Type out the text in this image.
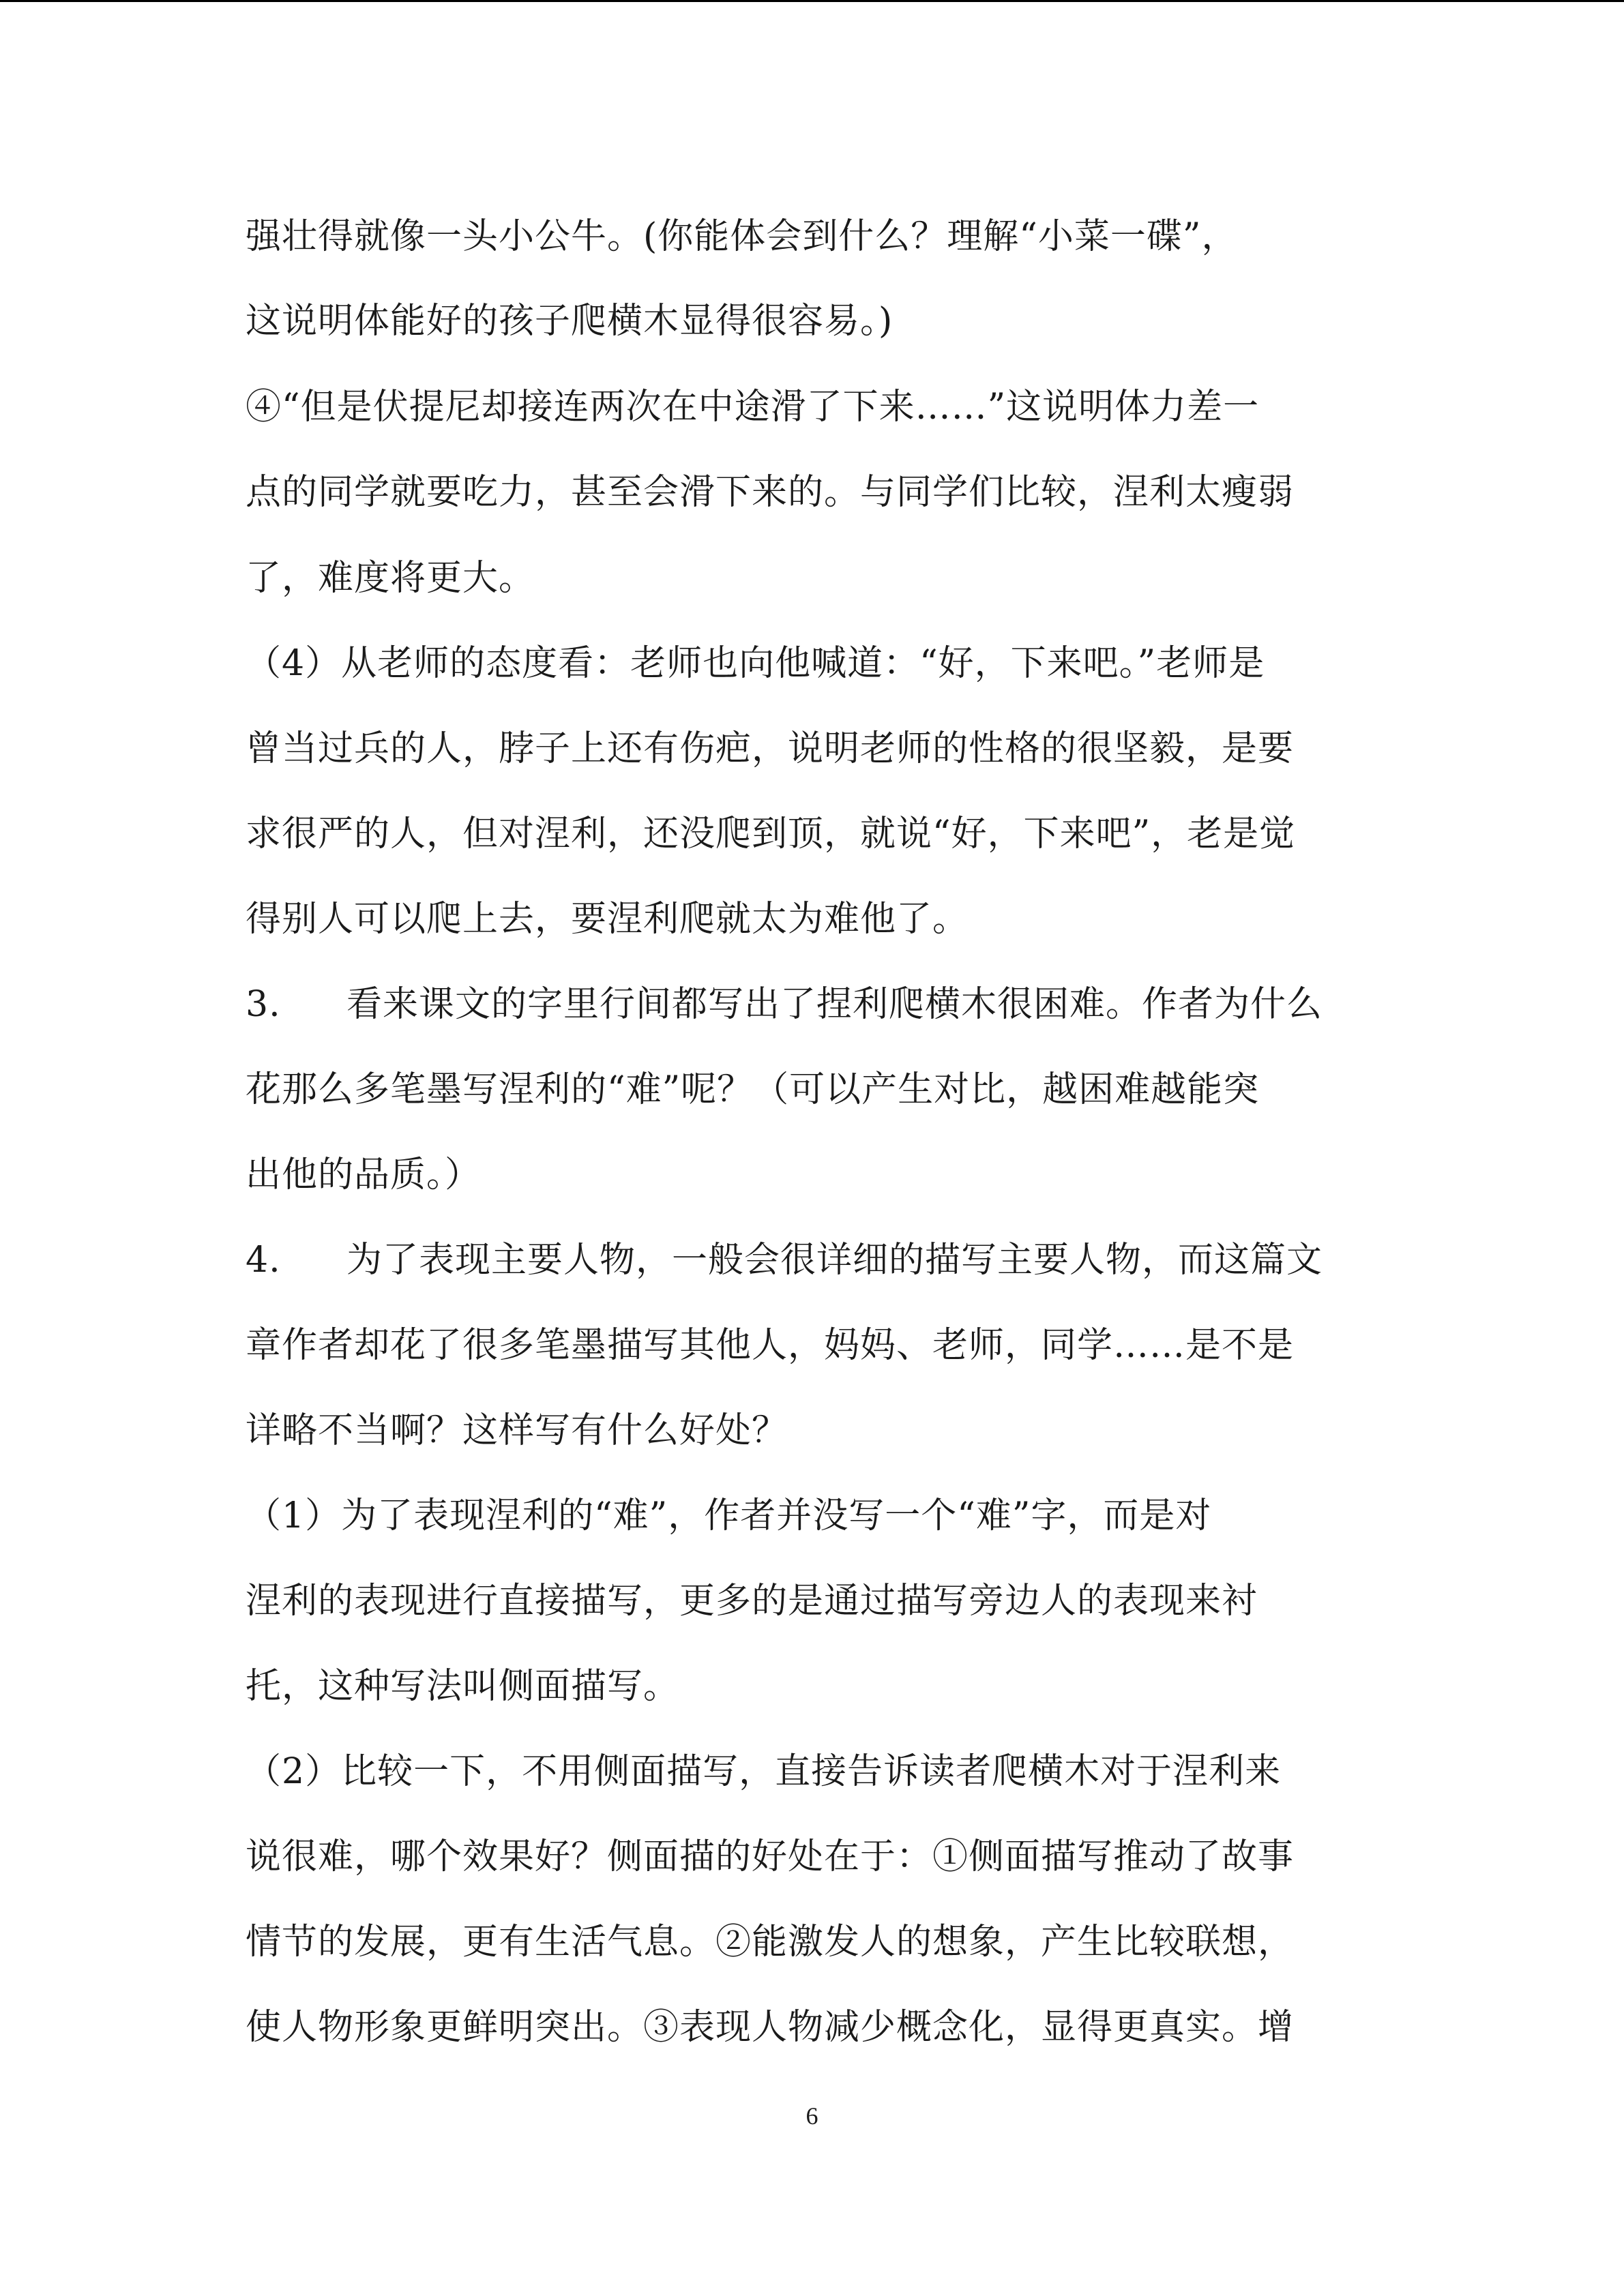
强壮得就像一头小公牛。(你能体会到什么？理解“小菜一碟”，
这说明体能好的孩子爬横木显得很容易。)
④“但是伏提尼却接连两次在中途滑了下来……”这说明体力差一
点的同学就要吃力，甚至会滑下来的。与同学们比较，涅利太瘦弱
了，难度将更大。
（4）从老师的态度看：老师也向他喊道：“好，下来吧。”老师是
曾当过兵的人，脖子上还有伤疤，说明老师的性格的很坚毅，是要
求很严的人，但对涅利，还没爬到顶，就说“好，下来吧”，老是觉
得别人可以爬上去，要涅利爬就太为难他了。
3. 看来课文的字里行间都写出了捏利爬横木很困难。作者为什么
花那么多笔墨写涅利的“难”呢？（可以产生对比，越困难越能突
出他的品质。）
4. 为了表现主要人物，一般会很详细的描写主要人物，而这篇文
章作者却花了很多笔墨描写其他人，妈妈、老师，同学……是不是
详略不当啊？这样写有什么好处？
（1）为了表现涅利的“难”，作者并没写一个“难”字，而是对
涅利的表现进行直接描写，更多的是通过描写旁边人的表现来衬
托，这种写法叫侧面描写。
（2）比较一下，不用侧面描写，直接告诉读者爬横木对于涅利来
说很难，哪个效果好？侧面描的好处在于：①侧面描写推动了故事
情节的发展，更有生活气息。②能激发人的想象，产生比较联想，
使人物形象更鲜明突出。③表现人物减少概念化，显得更真实。增
6
